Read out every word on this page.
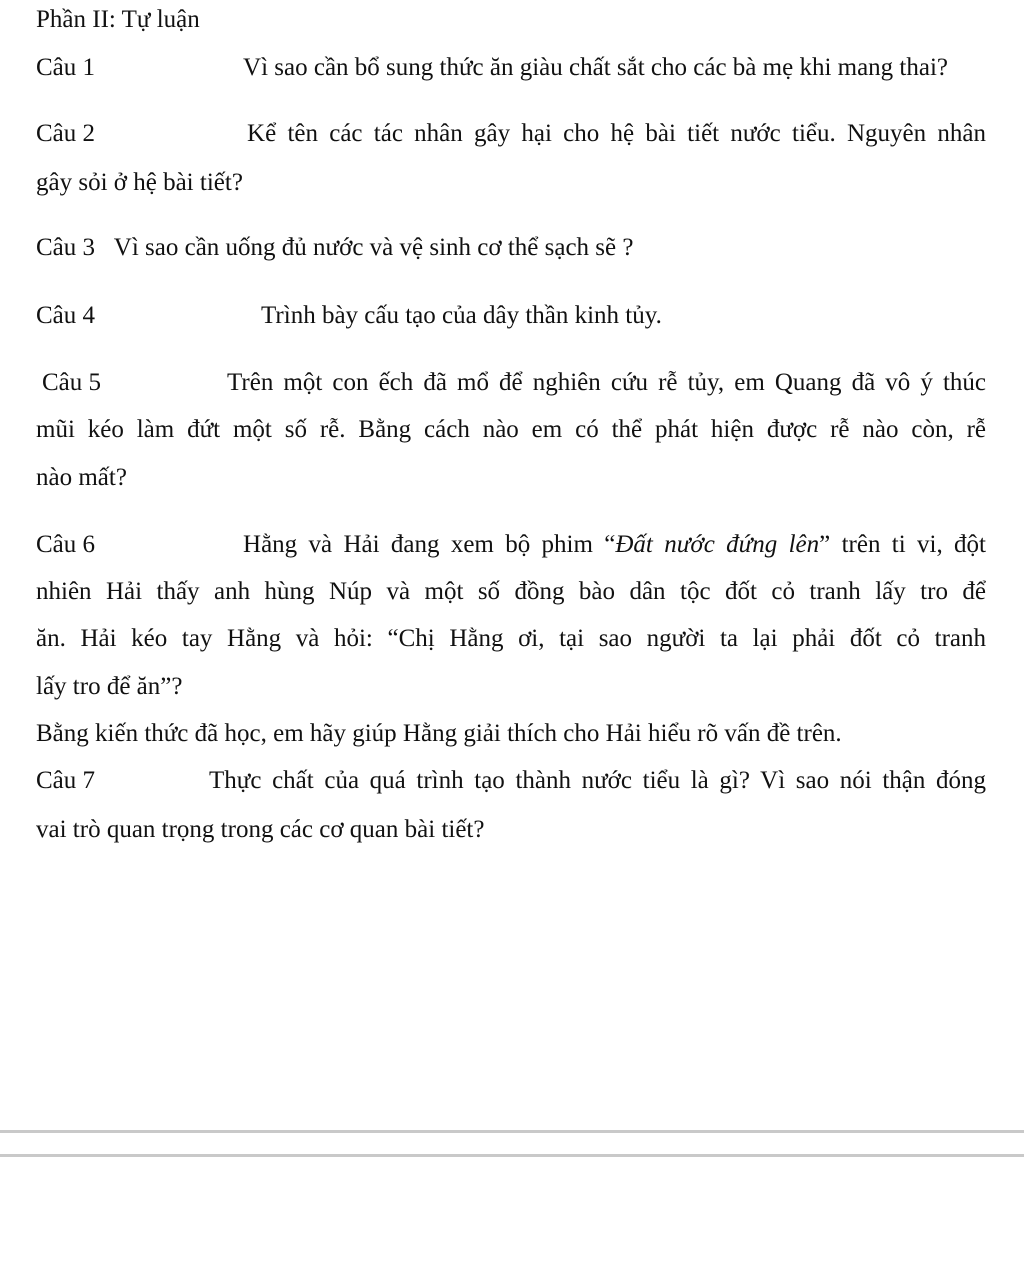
Phần II: Tự luận
Câu 1	Vì sao cần bổ sung thức ăn giàu chất sắt cho các bà mẹ khi mang thai?
Câu 2	Kể tên các tác nhân gây hại cho hệ bài tiết nước tiểu. Nguyên nhân
gây sỏi ở hệ bài tiết?
Câu 3 Vì sao cần uống đủ nước và vệ sinh cơ thể sạch sẽ ?
Câu 4	Trình bày cấu tạo của dây thần kinh tủy.
Câu 5	Trên một con ếch đã mổ để nghiên cứu rễ tủy, em Quang đã vô ý thúc
mũi kéo làm đứt một số rễ. Bằng cách nào em có thể phát hiện được rễ nào còn, rễ
nào mất?
Câu 6	Hằng và Hải đang xem bộ phim “Đất nước đứng lên” trên ti vi, đột
nhiên Hải thấy anh hùng Núp và một số đồng bào dân tộc đốt cỏ tranh lấy tro để
ăn. Hải kéo tay Hằng và hỏi: “Chị Hằng ơi, tại sao người ta lại phải đốt cỏ tranh
lấy tro để ăn”?
Bằng kiến thức đã học, em hãy giúp Hằng giải thích cho Hải hiểu rõ vấn đề trên.
Câu 7	Thực chất của quá trình tạo thành nước tiểu là gì? Vì sao nói thận đóng
vai trò quan trọng trong các cơ quan bài tiết?
